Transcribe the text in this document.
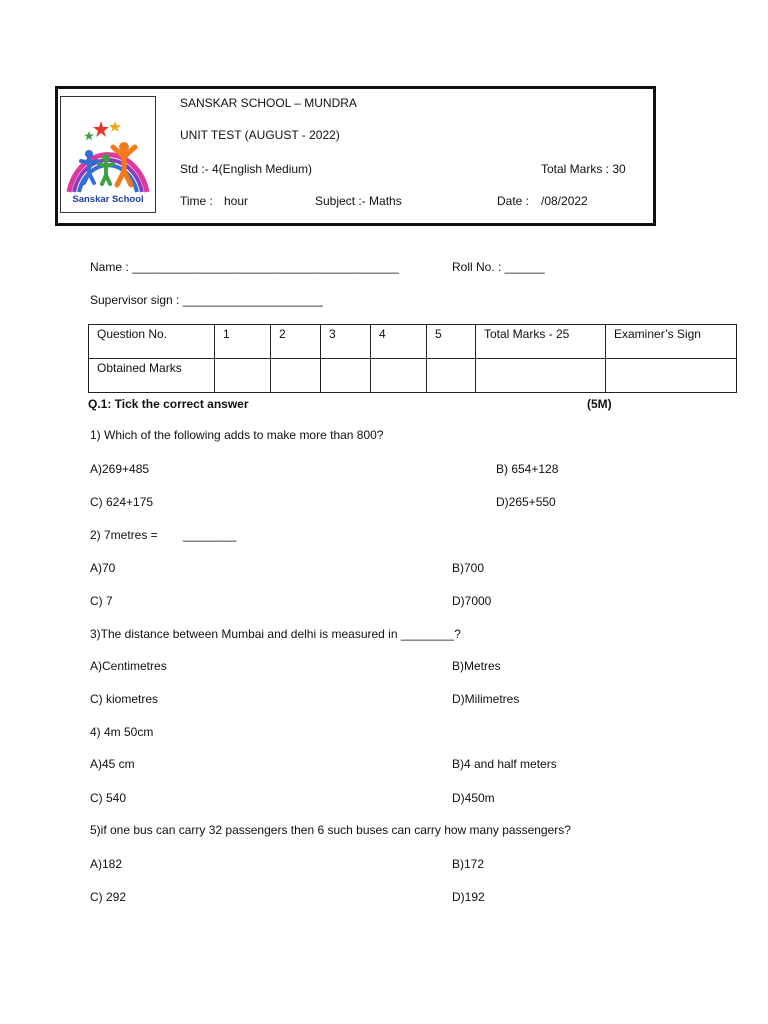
Sanskar School
SANSKAR SCHOOL – MUNDRA
UNIT TEST (AUGUST - 2022)
Std :- 4(English Medium)	Total Marks : 30
Time : hour	Subject :- Maths	Date : /08/2022
Name : ________________________________________	Roll No. : ______
Supervisor sign : _____________________
Question No.	1	2	3	4	5	Total Marks - 25	Examiner’s Sign
Obtained Marks							
Q.1: Tick the correct answer	(5M)
1) Which of the following adds to make more than 800?
A)269+485	B) 654+128
C) 624+175	D)265+550
2) 7metres = ________
A)70	B)700
C) 7	D)7000
3)The distance between Mumbai and delhi is measured in ________?
A)Centimetres	B)Metres
C) kiometres	D)Milimetres
4) 4m 50cm
A)45 cm	B)4 and half meters
C) 540	D)450m
5)if one bus can carry 32 passengers then 6 such buses can carry how many passengers?
A)182	B)172
C) 292	D)192
